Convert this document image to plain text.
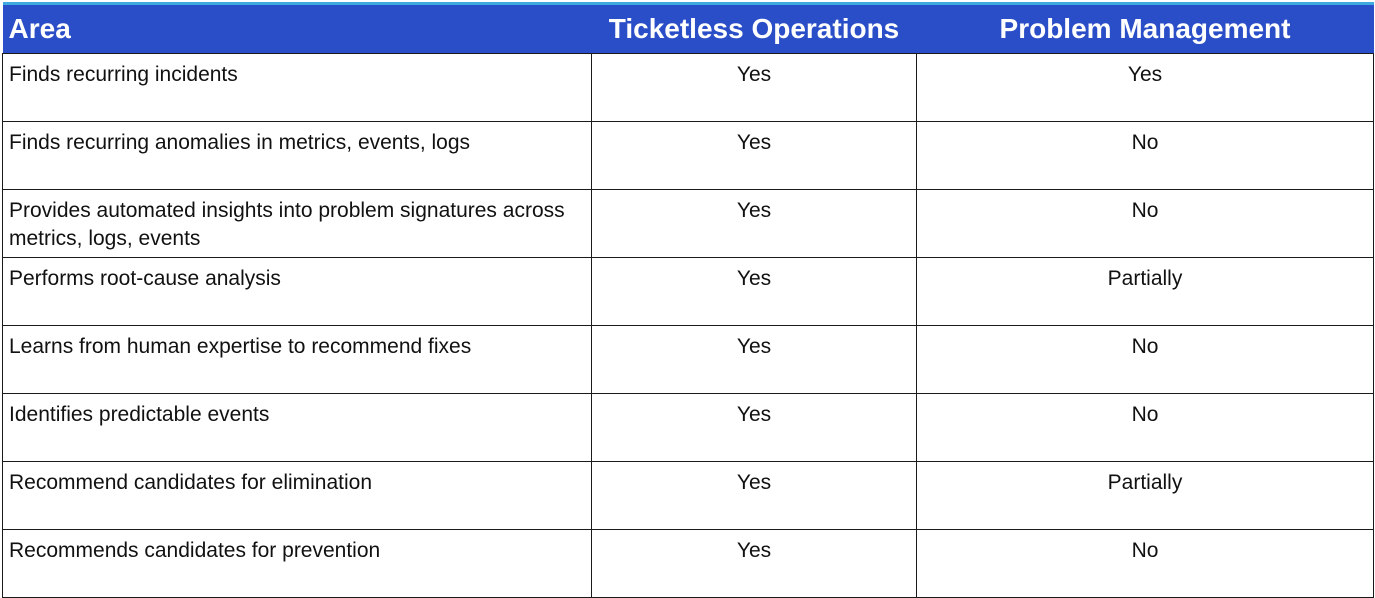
Area	Ticketless Operations	Problem Management
Finds recurring incidents	Yes	Yes
Finds recurring anomalies in metrics, events, logs	Yes	No
Provides automated insights into problem signatures across metrics, logs, events	Yes	No
Performs root-cause analysis	Yes	Partially
Learns from human expertise to recommend fixes	Yes	No
Identifies predictable events	Yes	No
Recommend candidates for elimination	Yes	Partially
Recommends candidates for prevention	Yes	No
